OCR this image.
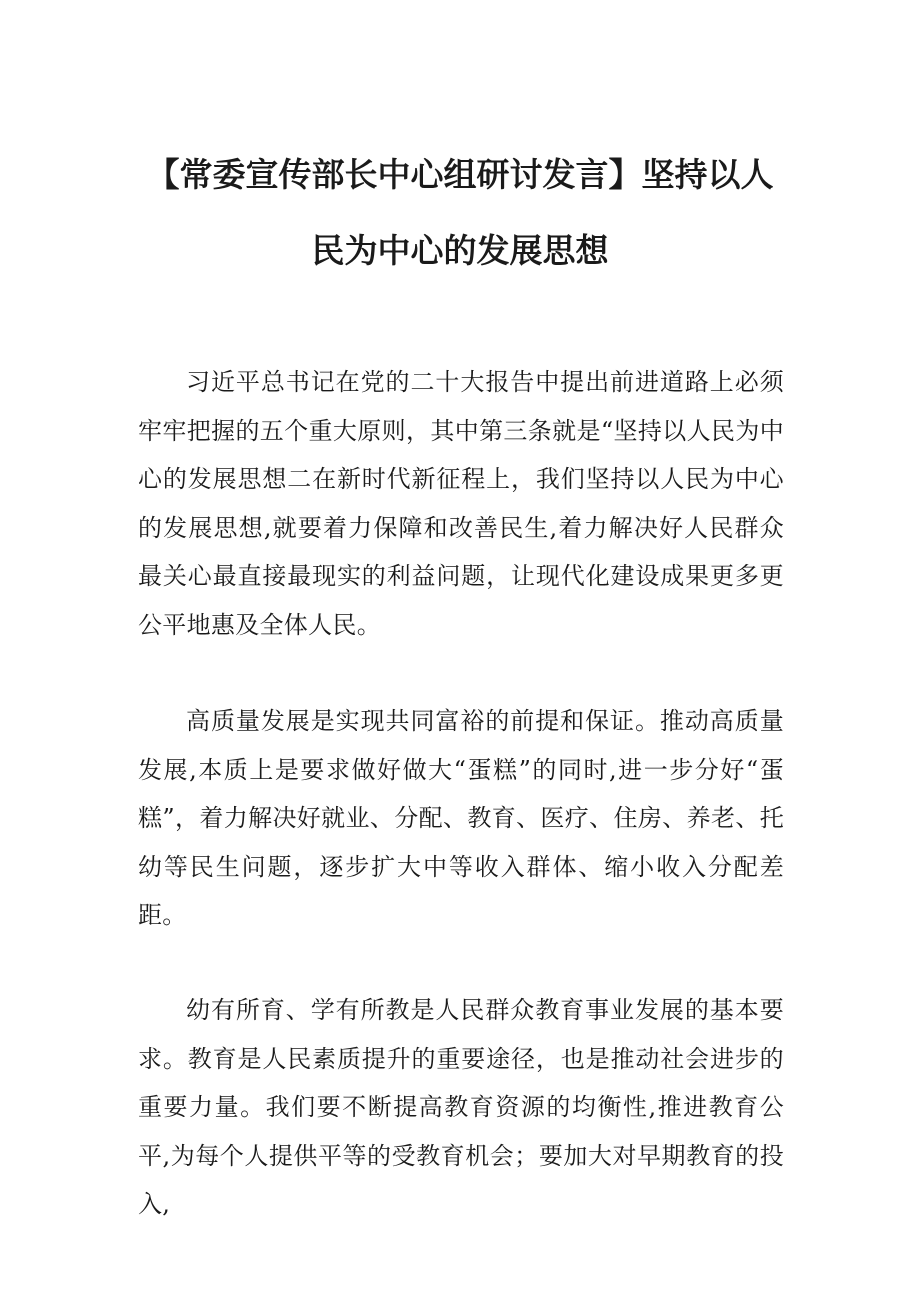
【常委宣传部长中心组研讨发言】坚持以人
民为中心的发展思想

习近平总书记在党的二十大报告中提出前进道路上必须牢牢把握的五个重大原则，其中第三条就是“坚持以人民为中心的发展思想二在新时代新征程上，我们坚持以人民为中心的发展思想,就要着力保障和改善民生,着力解决好人民群众最关心最直接最现实的利益问题，让现代化建设成果更多更公平地惠及全体人民。

高质量发展是实现共同富裕的前提和保证。推动高质量发展,本质上是要求做好做大“蛋糕”的同时,进一步分好“蛋糕”，着力解决好就业、分配、教育、医疗、住房、养老、托幼等民生问题，逐步扩大中等收入群体、缩小收入分配差距。

幼有所育、学有所教是人民群众教育事业发展的基本要求。教育是人民素质提升的重要途径，也是推动社会进步的重要力量。我们要不断提高教育资源的均衡性,推进教育公平,为每个人提供平等的受教育机会；要加大对早期教育的投入,
